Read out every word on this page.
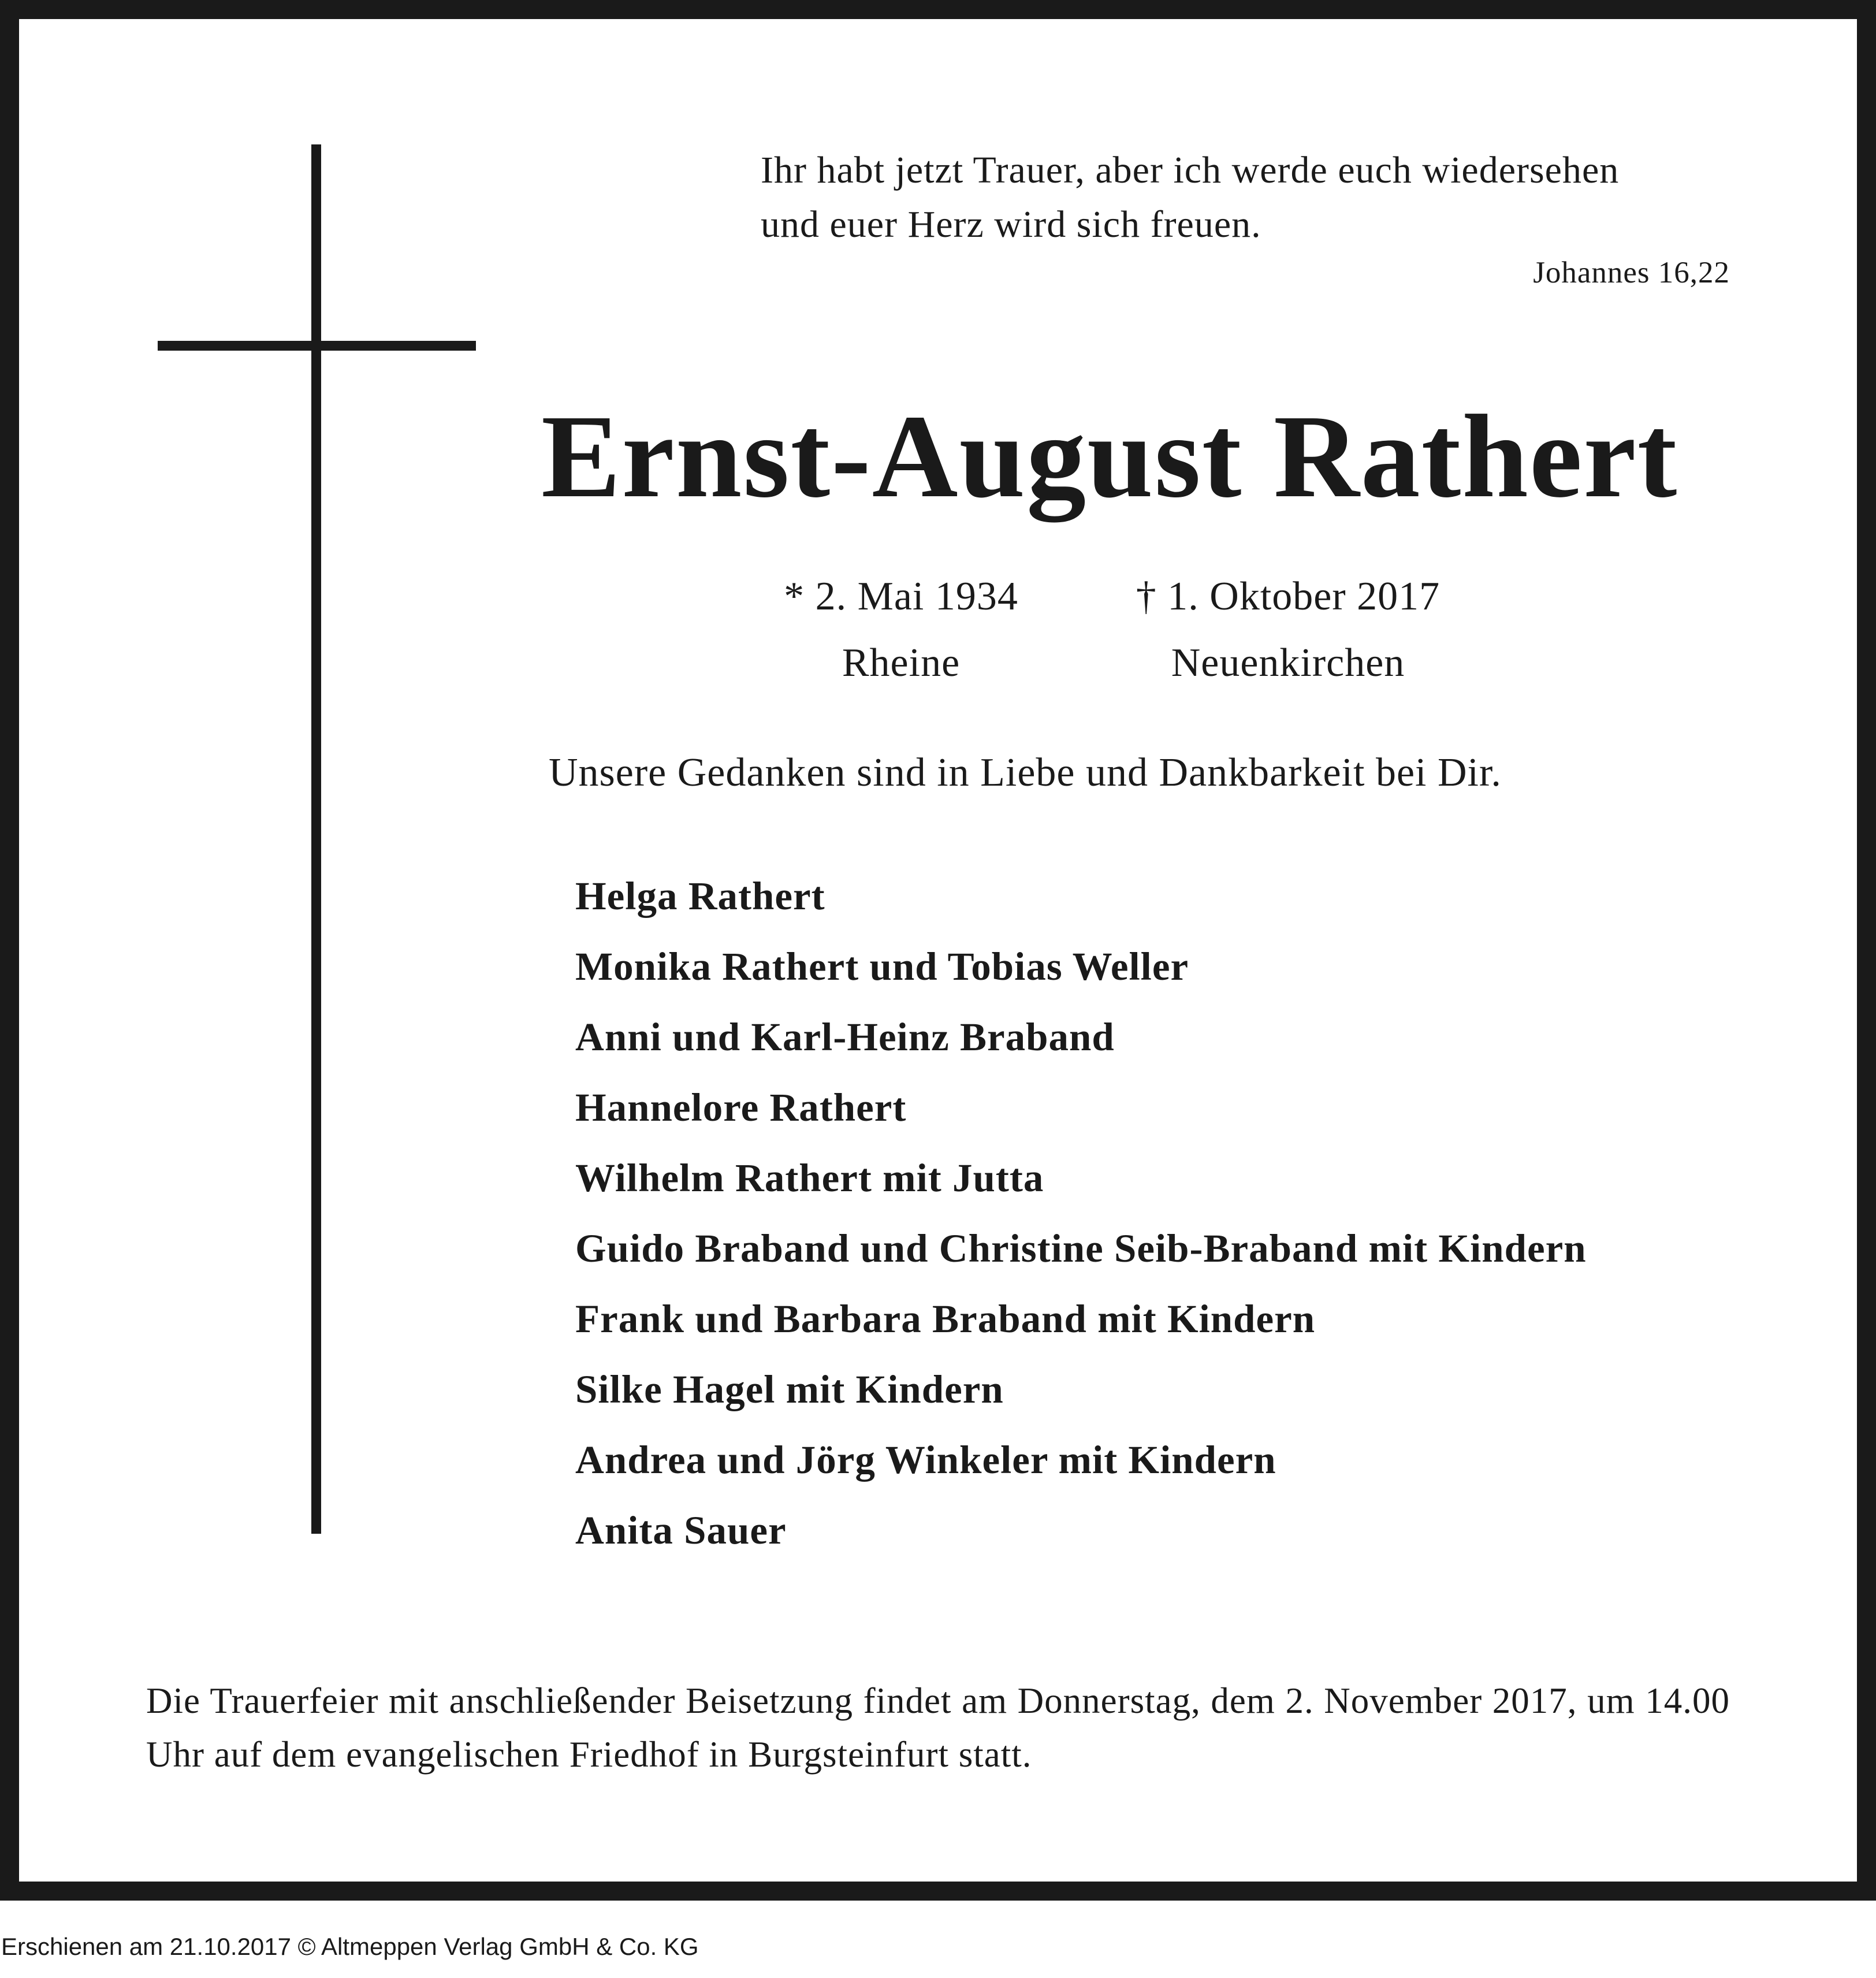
Ihr habt jetzt Trauer, aber ich werde euch wiedersehen
und euer Herz wird sich freuen.
Johannes 16,22
Ernst-August Rathert
* 2. Mai 1934
Rheine
† 1. Oktober 2017
Neuenkirchen
Unsere Gedanken sind in Liebe und Dankbarkeit bei Dir.
Helga Rathert
Monika Rathert und Tobias Weller
Anni und Karl-Heinz Braband
Hannelore Rathert
Wilhelm Rathert mit Jutta
Guido Braband und Christine Seib-Braband mit Kindern
Frank und Barbara Braband mit Kindern
Silke Hagel mit Kindern
Andrea und Jörg Winkeler mit Kindern
Anita Sauer
Die Trauerfeier mit anschließender Beisetzung findet am Donnerstag, dem 2. November 2017, um 14.00 Uhr auf dem evangelischen Friedhof in Burgsteinfurt statt.
Erschienen am 21.10.2017 © Altmeppen Verlag GmbH & Co. KG
